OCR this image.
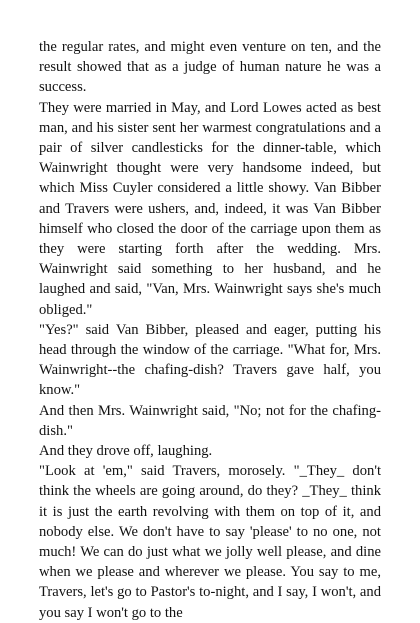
the regular rates, and might even venture on ten, and the result showed that as a judge of human nature he was a success.

They were married in May, and Lord Lowes acted as best man, and his sister sent her warmest congratulations and a pair of silver candlesticks for the dinner-table, which Wainwright thought were very handsome indeed, but which Miss Cuyler considered a little showy. Van Bibber and Travers were ushers, and, indeed, it was Van Bibber himself who closed the door of the carriage upon them as they were starting forth after the wedding. Mrs. Wainwright said something to her husband, and he laughed and said, "Van, Mrs. Wainwright says she's much obliged."

"Yes?" said Van Bibber, pleased and eager, putting his head through the window of the carriage. "What for, Mrs. Wainwright--the chafing-dish? Travers gave half, you know."

And then Mrs. Wainwright said, "No; not for the chafing-dish."

And they drove off, laughing.

"Look at 'em," said Travers, morosely. "_They_ don't think the wheels are going around, do they? _They_ think it is just the earth revolving with them on top of it, and nobody else. We don't have to say 'please' to no one, not much! We can do just what we jolly well please, and dine when we please and wherever we please. You say to me, Travers, let's go to Pastor's to-night, and I say, I won't, and you say I won't go to the
